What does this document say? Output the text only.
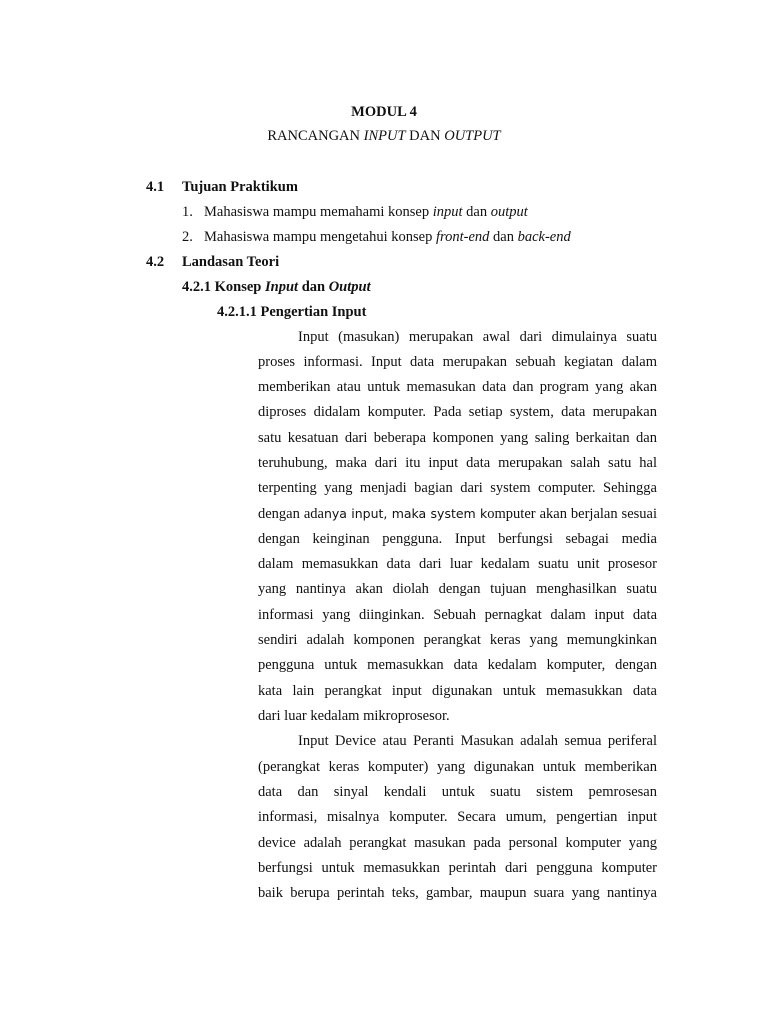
MODUL 4
RANCANGAN INPUT DAN OUTPUT
4.1 Tujuan Praktikum
1. Mahasiswa mampu memahami konsep input dan output
2. Mahasiswa mampu mengetahui konsep front-end dan back-end
4.2 Landasan Teori
4.2.1 Konsep Input dan Output
4.2.1.1 Pengertian Input
Input (masukan) merupakan awal dari dimulainya suatu
proses informasi. Input data merupakan sebuah kegiatan dalam
memberikan atau untuk memasukan data dan program yang akan
diproses didalam komputer. Pada setiap system, data merupakan
satu kesatuan dari beberapa komponen yang saling berkaitan dan
teruhubung, maka dari itu input data merupakan salah satu hal
terpenting yang menjadi bagian dari system computer. Sehingga
dengan adanya input, maka system komputer akan berjalan sesuai
dengan keinginan pengguna. Input berfungsi sebagai media
dalam memasukkan data dari luar kedalam suatu unit prosesor
yang nantinya akan diolah dengan tujuan menghasilkan suatu
informasi yang diinginkan. Sebuah pernagkat dalam input data
sendiri adalah komponen perangkat keras yang memungkinkan
pengguna untuk memasukkan data kedalam komputer, dengan
kata lain perangkat input digunakan untuk memasukkan data
dari luar kedalam mikroprosesor.
Input Device atau Peranti Masukan adalah semua periferal
(perangkat keras komputer) yang digunakan untuk memberikan
data dan sinyal kendali untuk suatu sistem pemrosesan
informasi, misalnya komputer. Secara umum, pengertian input
device adalah perangkat masukan pada personal komputer yang
berfungsi untuk memasukkan perintah dari pengguna komputer
baik berupa perintah teks, gambar, maupun suara yang nantinya
